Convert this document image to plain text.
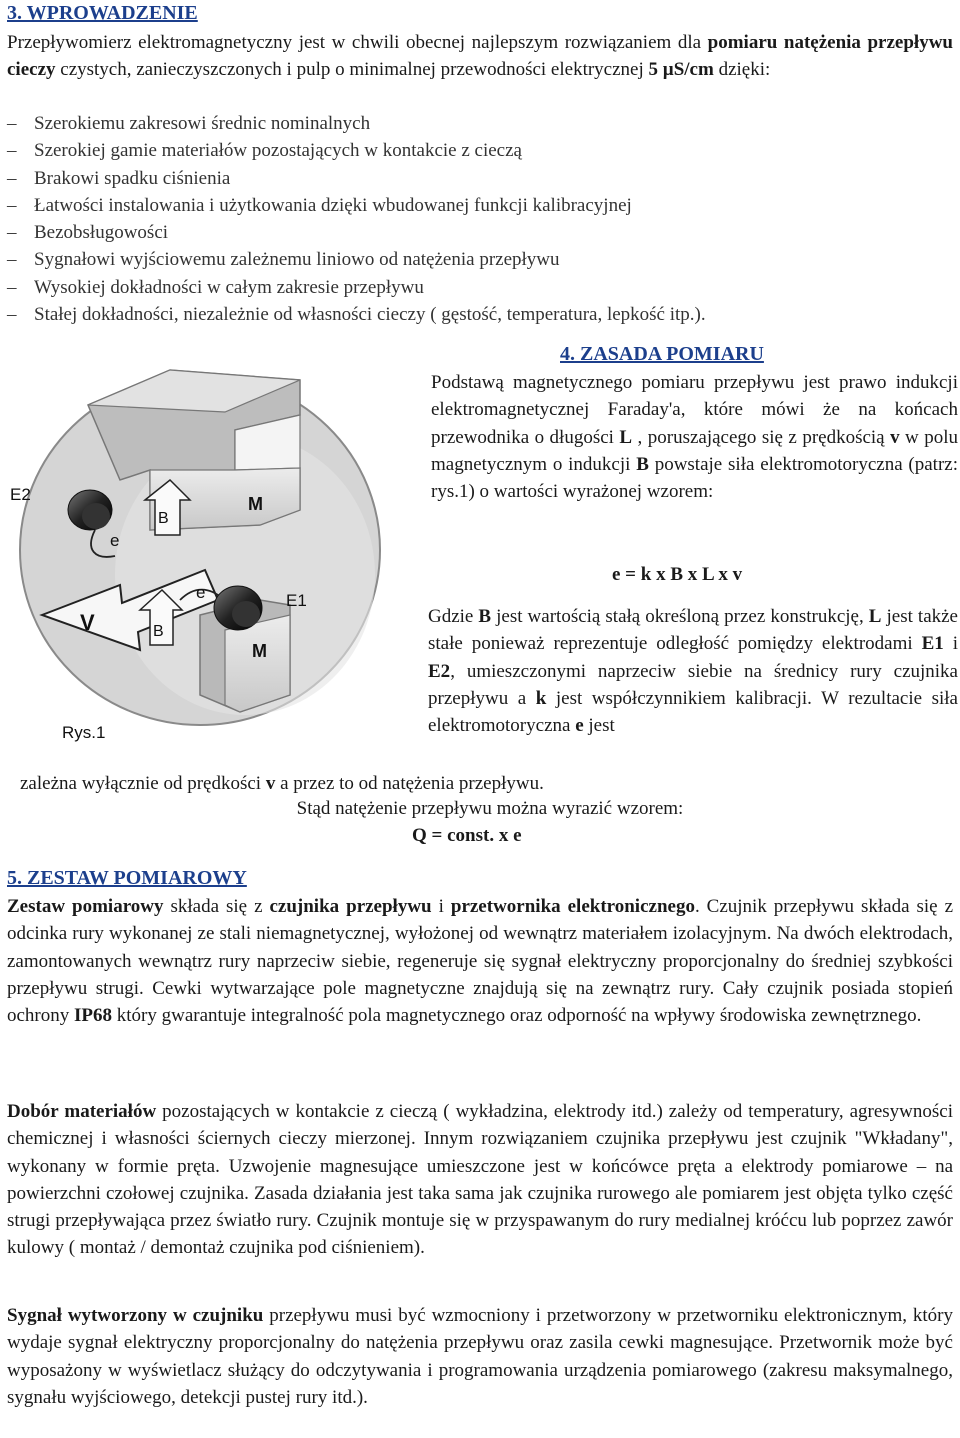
3. WPROWADZENIE

Przepływomierz elektromagnetyczny jest w chwili obecnej najlepszym rozwiązaniem dla pomiaru natężenia przepływu cieczy czystych, zanieczyszczonych i pulp o minimalnej przewodności elektrycznej 5 µS/cm dzięki:

– Szerokiemu zakresowi średnic nominalnych
– Szerokiej gamie materiałów pozostających w kontakcie z cieczą
– Brakowi spadku ciśnienia
– Łatwości instalowania i użytkowania dzięki wbudowanej funkcji kalibracyjnej
– Bezobsługowości
– Sygnałowi wyjściowemu zależnemu liniowo od natężenia przepływu
– Wysokiej dokładności w całym zakresie przepływu
– Stałej dokładności, niezależnie od własności cieczy ( gęstość, temperatura, lepkość itp.).
4. ZASADA POMIARU

Podstawą magnetycznego pomiaru przepływu jest prawo indukcji elektromagnetycznej Faraday'a, które mówi że na końcach przewodnika o długości L , poruszającego się z prędkością v w polu magnetycznym o indukcji B powstaje siła elektromotoryczna (patrz: rys.1) o wartości wyrażonej wzorem:

e = k x B x L x v

Gdzie B jest wartością stałą określoną przez konstrukcję, L jest także stałe ponieważ reprezentuje odległość pomiędzy elektrodami E1 i E2, umieszczonymi naprzeciw siebie na średnicy rury czujnika przepływu a k jest współczynnikiem kalibracji. W rezultacie siła elektromotoryczna e jest

zależna wyłącznie od prędkości v a przez to od natężenia przepływu.

Stąd natężenie przepływu można wyrazić wzorem:
Q = const. x e
E2	M
B
e
e	E1
V	B
M
Rys.1
5. ZESTAW POMIAROWY

Zestaw pomiarowy składa się z czujnika przepływu i przetwornika elektronicznego. Czujnik przepływu składa się z odcinka rury wykonanej ze stali niemagnetycznej, wyłożonej od wewnątrz materiałem izolacyjnym. Na dwóch elektrodach, zamontowanych wewnątrz rury naprzeciw siebie, regeneruje się sygnał elektryczny proporcjonalny do średniej szybkości przepływu strugi. Cewki wytwarzające pole magnetyczne znajdują się na zewnątrz rury. Cały czujnik posiada stopień ochrony IP68 który gwarantuje integralność pola magnetycznego oraz odporność na wpływy środowiska zewnętrznego.

Dobór materiałów pozostających w kontakcie z cieczą ( wykładzina, elektrody itd.) zależy od temperatury, agresywności chemicznej i własności ściernych cieczy mierzonej. Innym rozwiązaniem czujnika przepływu jest czujnik "Wkładany", wykonany w formie pręta. Uzwojenie magnesujące umieszczone jest w końcówce pręta a elektrody pomiarowe – na powierzchni czołowej czujnika. Zasada działania jest taka sama jak czujnika rurowego ale pomiarem jest objęta tylko część strugi przepływająca przez światło rury. Czujnik montuje się w przyspawanym do rury medialnej króćcu lub poprzez zawór kulowy ( montaż / demontaż czujnika pod ciśnieniem).

Sygnał wytworzony w czujniku przepływu musi być wzmocniony i przetworzony w przetworniku elektronicznym, który wydaje sygnał elektryczny proporcjonalny do natężenia przepływu oraz zasila cewki magnesujące. Przetwornik może być wyposażony w wyświetlacz służący do odczytywania i programowania urządzenia pomiarowego (zakresu maksymalnego, sygnału wyjściowego, detekcji pustej rury itd.).
